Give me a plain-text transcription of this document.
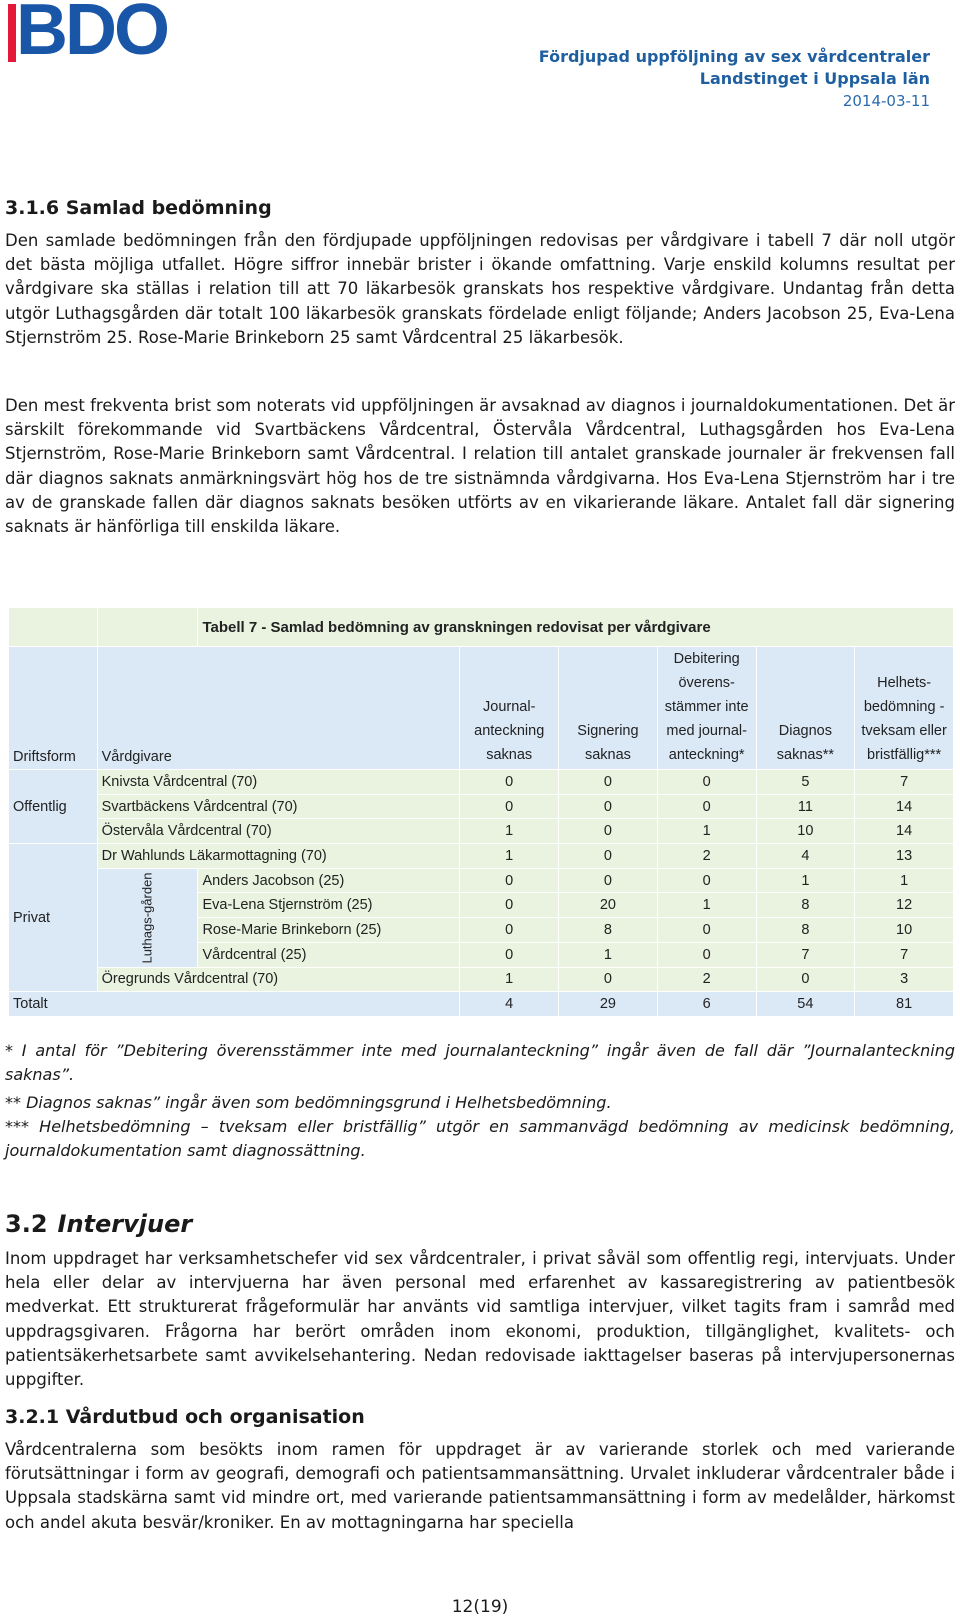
BDO	Fördjupad uppföljning av sex vårdcentraler
Landstinget i Uppsala län
2014-03-11
3.1.6 Samlad bedömning

Den samlade bedömningen från den fördjupade uppföljningen redovisas per vårdgivare i tabell 7 där noll utgör det bästa möjliga utfallet. Högre siffror innebär brister i ökande omfattning. Varje enskild kolumns resultat per vårdgivare ska ställas i relation till att 70 läkarbesök granskats hos respektive vårdgivare. Undantag från detta utgör Luthagsgården där totalt 100 läkarbesök granskats fördelade enligt följande; Anders Jacobson 25, Eva-Lena Stjernström 25. Rose-Marie Brinkeborn 25 samt Vårdcentral 25 läkarbesök.

Den mest frekventa brist som noterats vid uppföljningen är avsaknad av diagnos i journaldokumentationen. Det är särskilt förekommande vid Svartbäckens Vårdcentral, Östervåla Vårdcentral, Luthagsgården hos Eva-Lena Stjernström, Rose-Marie Brinkeborn samt Vårdcentral. I relation till antalet granskade journaler är frekvensen fall där diagnos saknats anmärkningsvärt hög hos de tre sistnämnda vårdgivarna. Hos Eva-Lena Stjernström har i tre av de granskade fallen där diagnos saknats besöken utförts av en vikarierande läkare. Antalet fall där signering saknats är hänförliga till enskilda läkare.

		Tabell 7 - Samlad bedömning av granskningen redovisat per vårdgivare					
Driftsform	Vårdgivare		Journal-anteckning saknas	Signering saknas	Debitering överens-stämmer inte med journal-anteckning*	Diagnos saknas**	Helhets-bedömning - tveksam eller bristfällig***
Offentlig	Knivsta Vårdcentral (70)		0	0	0	5	7
	Svartbäckens Vårdcentral (70)		0	0	0	11	14
	Östervåla Vårdcentral (70)		1	0	1	10	14
Privat	Dr Wahlunds Läkarmottagning (70)		1	0	2	4	13
	Luthags-gården	Anders Jacobson (25)	0	0	0	1	1
		Eva-Lena Stjernström (25)	0	20	1	8	12
		Rose-Marie Brinkeborn (25)	0	8	0	8	10
		Vårdcentral (25)	0	1	0	7	7
	Öregrunds Vårdcentral (70)		1	0	2	0	3
Totalt			4	29	6	54	81

* I antal för ”Debitering överensstämmer inte med journalanteckning” ingår även de fall där ”Journalanteckning saknas”.

** Diagnos saknas” ingår även som bedömningsgrund i Helhetsbedömning.

*** Helhetsbedömning – tveksam eller bristfällig” utgör en sammanvägd bedömning av medicinsk bedömning, journaldokumentation samt diagnossättning.

3.2 Intervjuer

Inom uppdraget har verksamhetschefer vid sex vårdcentraler, i privat såväl som offentlig regi, intervjuats. Under hela eller delar av intervjuerna har även personal med erfarenhet av kassaregistrering av patientbesök medverkat. Ett strukturerat frågeformulär har använts vid samtliga intervjuer, vilket tagits fram i samråd med uppdragsgivaren. Frågorna har berört områden inom ekonomi, produktion, tillgänglighet, kvalitets- och patientsäkerhetsarbete samt avvikelsehantering. Nedan redovisade iakttagelser baseras på intervjupersonernas uppgifter.

3.2.1 Vårdutbud och organisation

Vårdcentralerna som besökts inom ramen för uppdraget är av varierande storlek och med varierande förutsättningar i form av geografi, demografi och patientsammansättning. Urvalet inkluderar vårdcentraler både i Uppsala stadskärna samt vid mindre ort, med varierande patientsammansättning i form av medelålder, härkomst och andel akuta besvär/kroniker. En av mottagningarna har speciella

12(19)
